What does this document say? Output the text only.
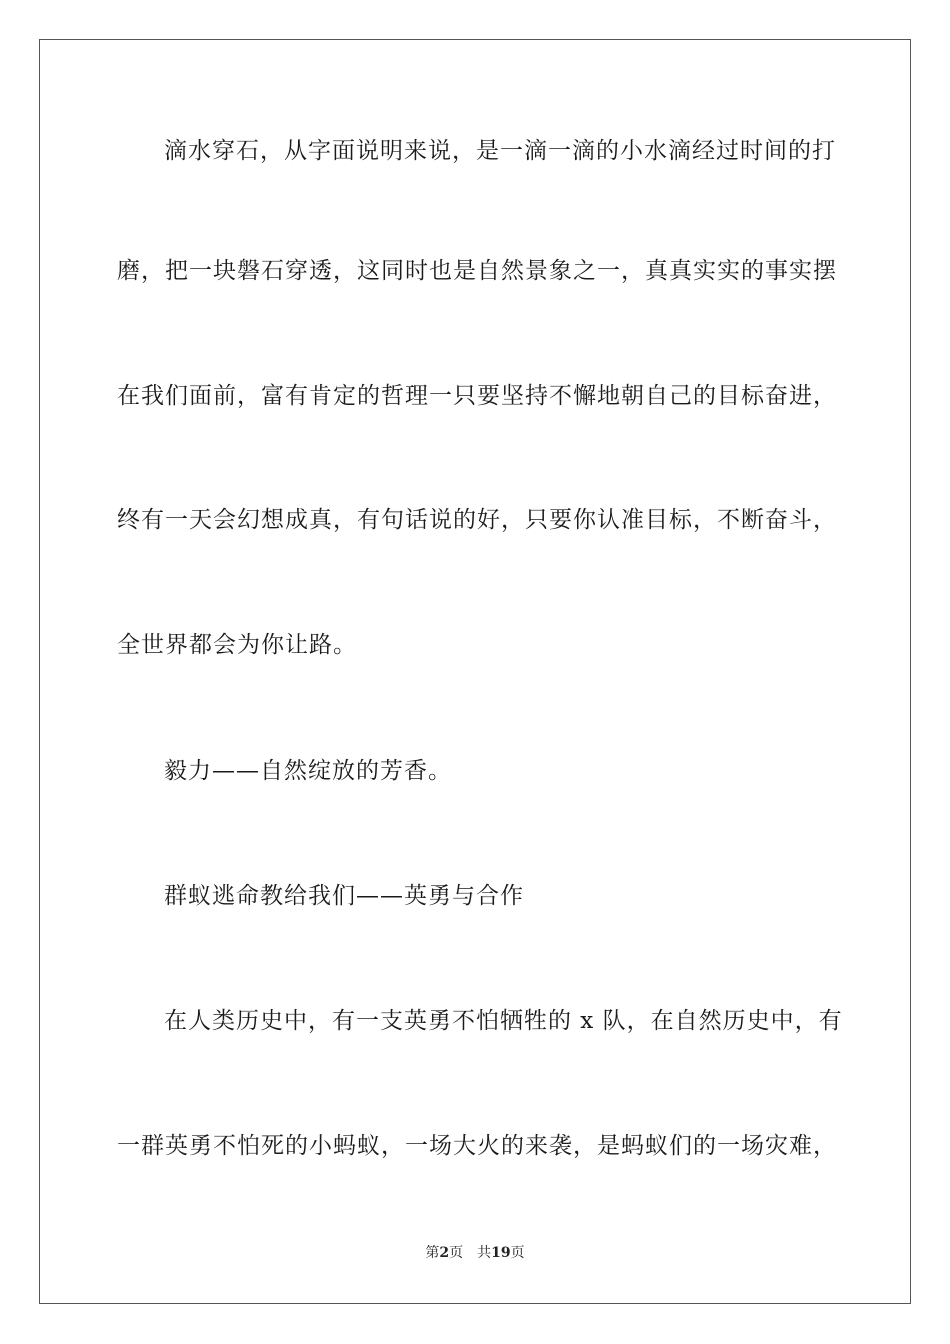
滴水穿石，从字面说明来说，是一滴一滴的小水滴经过时间的打
磨，把一块磐石穿透，这同时也是自然景象之一，真真实实的事实摆
在我们面前，富有肯定的哲理一只要坚持不懈地朝自己的目标奋进，
终有一天会幻想成真，有句话说的好，只要你认准目标，不断奋斗，
全世界都会为你让路。
毅力——自然绽放的芳香。
群蚁逃命教给我们——英勇与合作
在人类历史中，有一支英勇不怕牺牲的 x 队，在自然历史中，有
一群英勇不怕死的小蚂蚁，一场大火的来袭，是蚂蚁们的一场灾难，
第2页 共19页
